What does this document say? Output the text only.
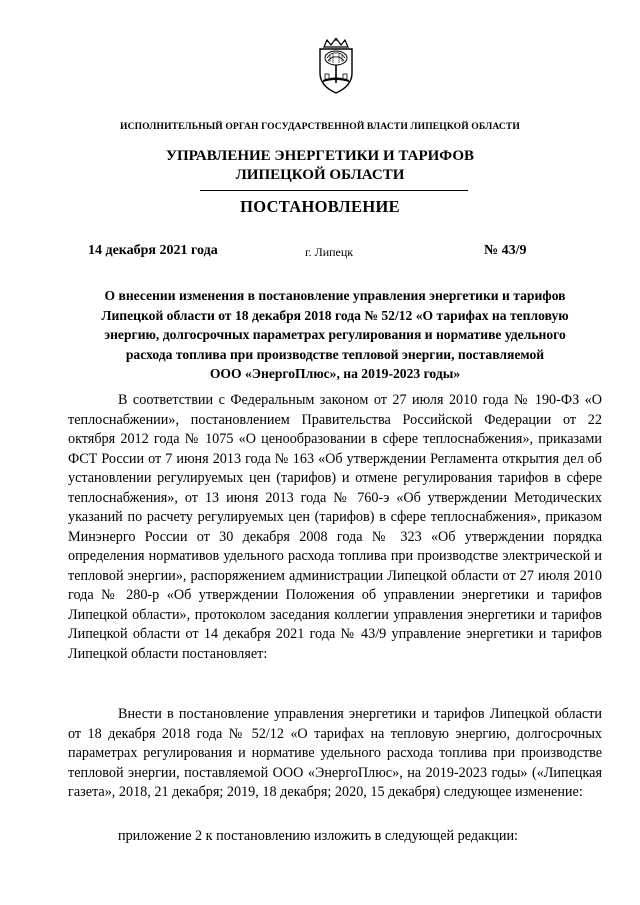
ИСПОЛНИТЕЛЬНЫЙ ОРГАН ГОСУДАРСТВЕННОЙ ВЛАСТИ ЛИПЕЦКОЙ ОБЛАСТИ
УПРАВЛЕНИЕ ЭНЕРГЕТИКИ И ТАРИФОВ
ЛИПЕЦКОЙ ОБЛАСТИ
ПОСТАНОВЛЕНИЕ
14 декабря 2021 года	г. Липецк	№ 43/9
О внесении изменения в постановление управления энергетики и тарифов
Липецкой области от 18 декабря 2018 года № 52/12 «О тарифах на тепловую
энергию, долгосрочных параметрах регулирования и нормативе удельного
расхода топлива при производстве тепловой энергии, поставляемой
ООО «ЭнергоПлюс», на 2019-2023 годы»

В соответствии с Федеральным законом от 27 июля 2010 года № 190-ФЗ «О теплоснабжении», постановлением Правительства Российской Федерации от 22 октября 2012 года № 1075 «О ценообразовании в сфере теплоснабжения», приказами ФСТ России от 7 июня 2013 года № 163 «Об утверждении Регламента открытия дел об установлении регулируемых цен (тарифов) и отмене регулирования тарифов в сфере теплоснабжения», от 13 июня 2013 года № 760-э «Об утверждении Методических указаний по расчету регулируемых цен (тарифов) в сфере теплоснабжения», приказом Минэнерго России от 30 декабря 2008 года № 323 «Об утверждении порядка определения нормативов удельного расхода топлива при производстве электрической и тепловой энергии», распоряжением администрации Липецкой области от 27 июля 2010 года № 280-р «Об утверждении Положения об управлении энергетики и тарифов Липецкой области», протоколом заседания коллегии управления энергетики и тарифов Липецкой области от 14 декабря 2021 года № 43/9 управление энергетики и тарифов Липецкой области постановляет:

Внести в постановление управления энергетики и тарифов Липецкой области от 18 декабря 2018 года № 52/12 «О тарифах на тепловую энергию, долгосрочных параметрах регулирования и нормативе удельного расхода топлива при производстве тепловой энергии, поставляемой ООО «ЭнергоПлюс», на 2019-2023 годы» («Липецкая газета», 2018, 21 декабря; 2019, 18 декабря; 2020, 15 декабря) следующее изменение:

приложение 2 к постановлению изложить в следующей редакции:
